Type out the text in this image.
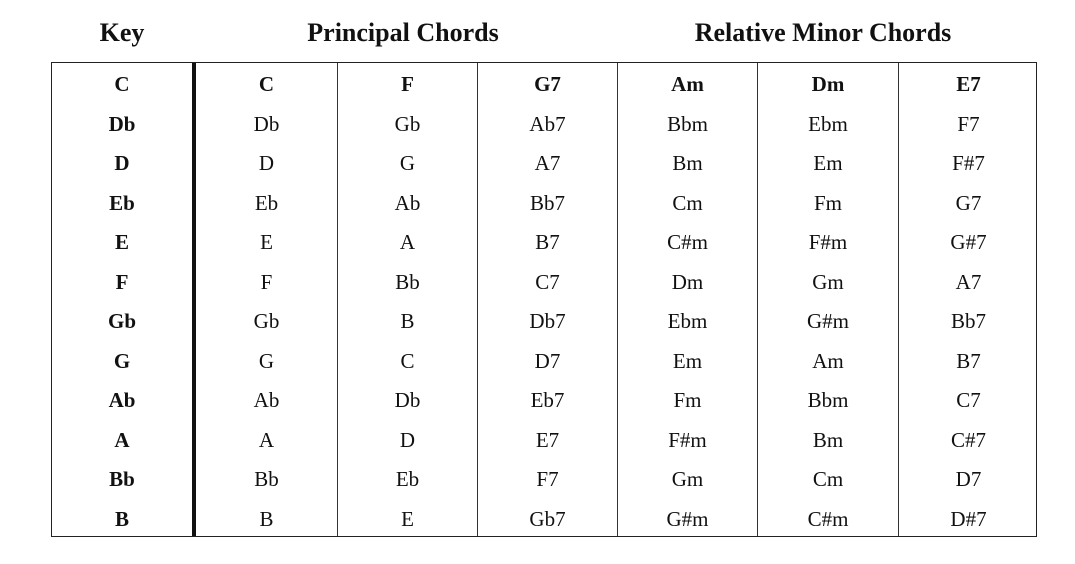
Key	Principal Chords	Relative Minor Chords
C	C	F	G7	Am	Dm	E7
Db	Db	Gb	Ab7	Bbm	Ebm	F7
D	D	G	A7	Bm	Em	F#7
Eb	Eb	Ab	Bb7	Cm	Fm	G7
E	E	A	B7	C#m	F#m	G#7
F	F	Bb	C7	Dm	Gm	A7
Gb	Gb	B	Db7	Ebm	G#m	Bb7
G	G	C	D7	Em	Am	B7
Ab	Ab	Db	Eb7	Fm	Bbm	C7
A	A	D	E7	F#m	Bm	C#7
Bb	Bb	Eb	F7	Gm	Cm	D7
B	B	E	Gb7	G#m	C#m	D#7
